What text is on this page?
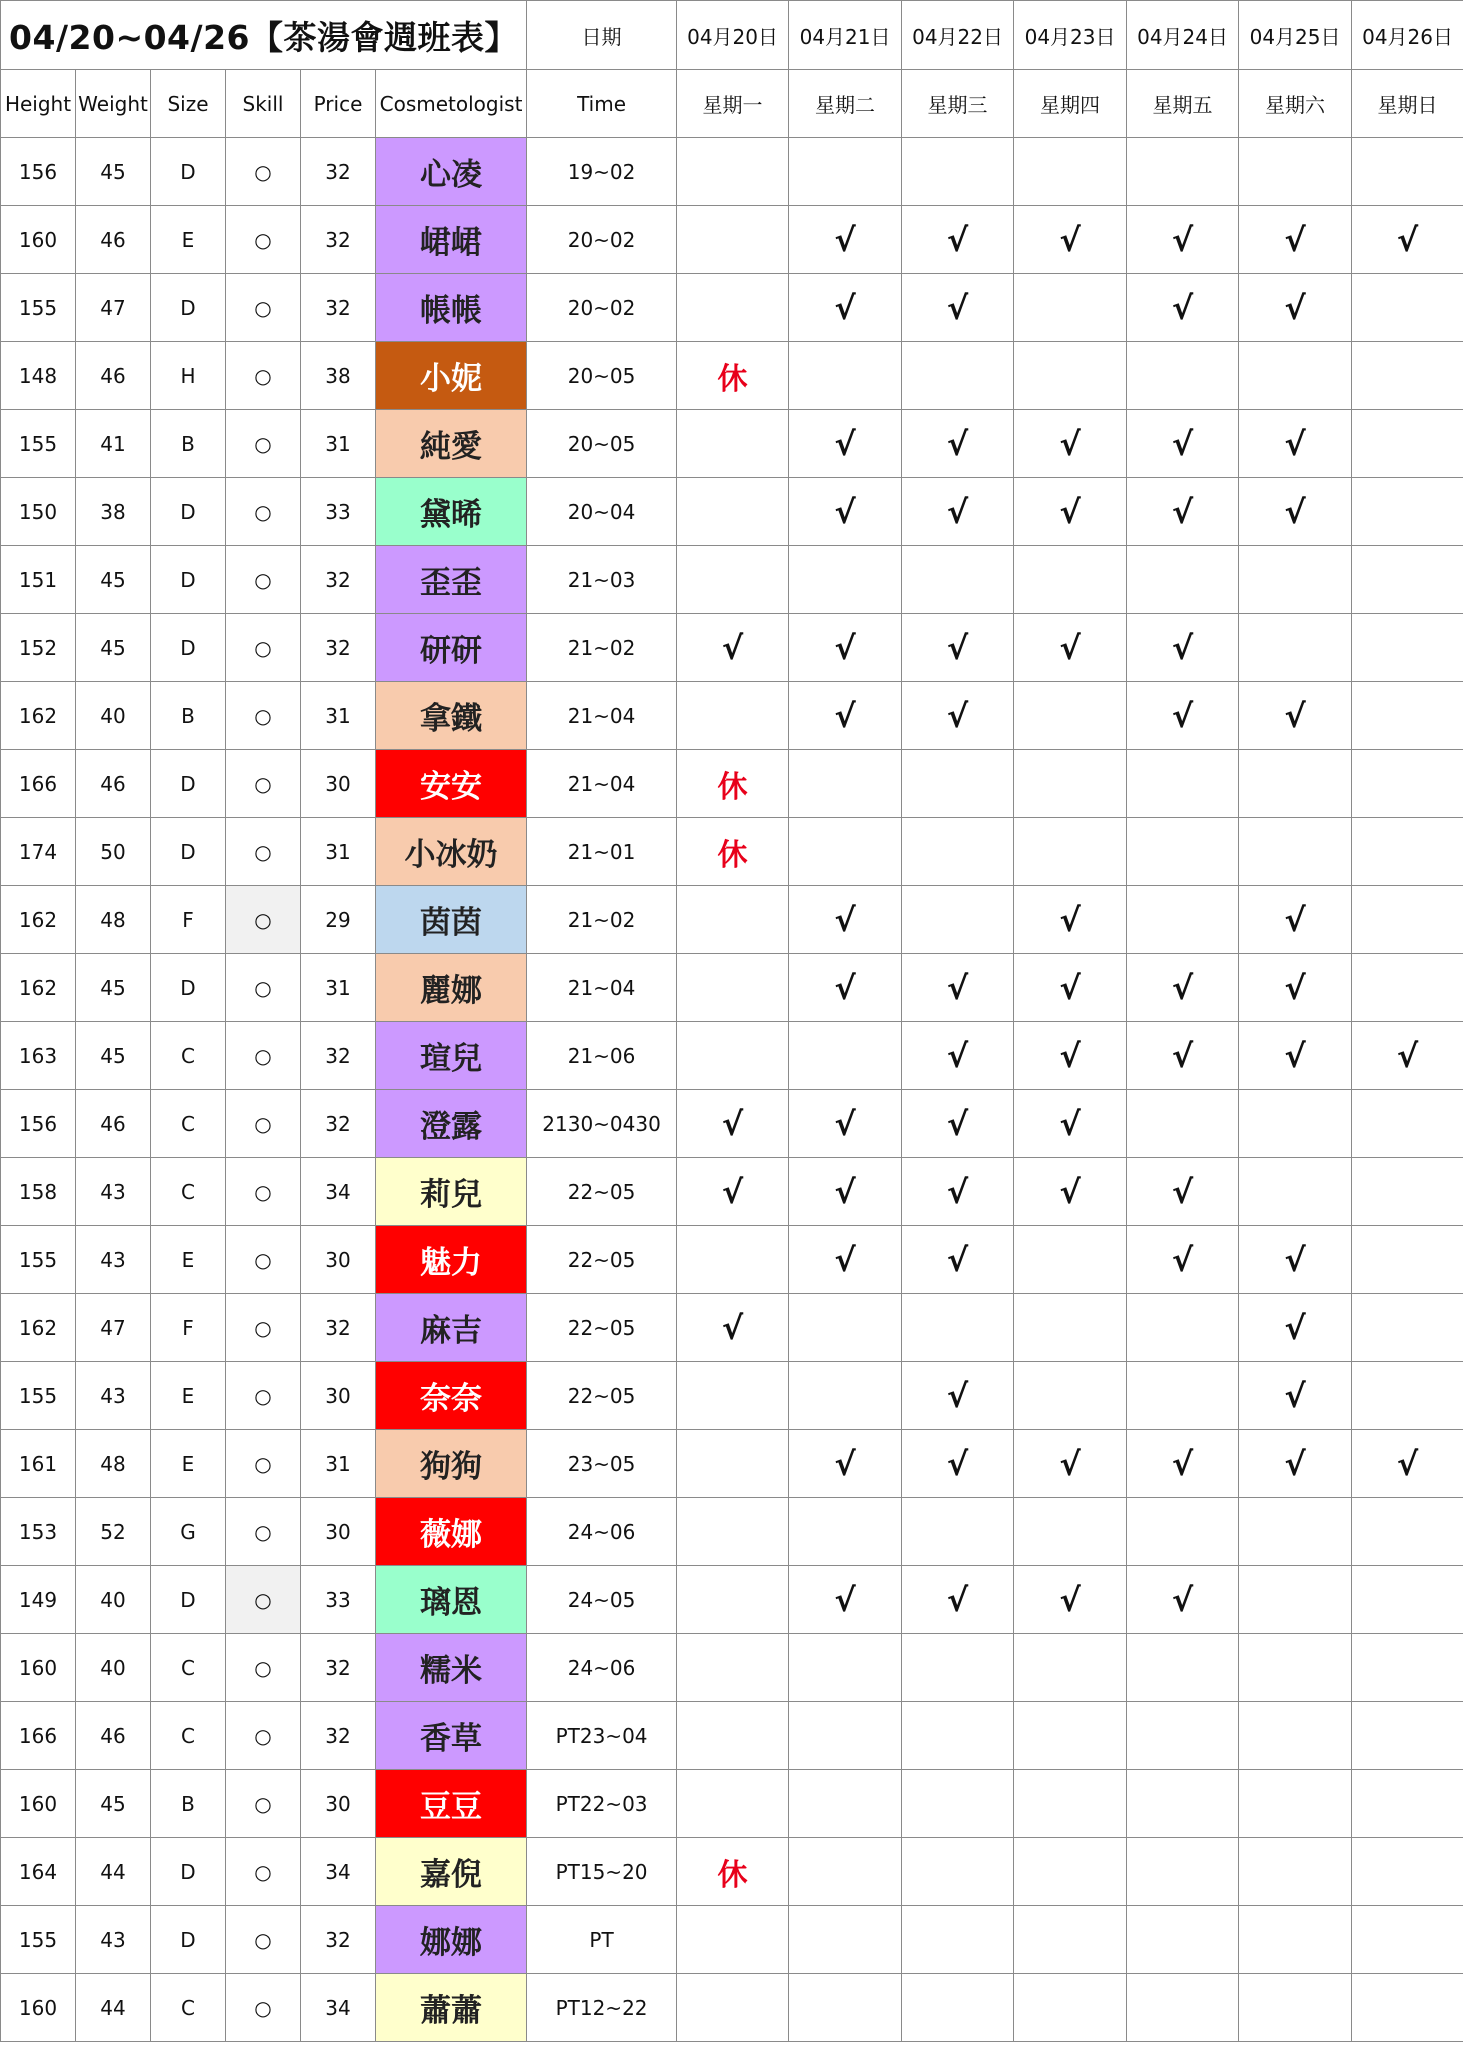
04/20~04/26【茶湯會週班表】						日期	04月20日	04月21日	04月22日	04月23日	04月24日	04月25日	04月26日
Height	Weight	Size	Skill	Price	Cosmetologist	Time	星期一	星期二	星期三	星期四	星期五	星期六	星期日
156	45	D	○	32	心凌	19~02							
160	46	E	○	32	峮峮	20~02		√	√	√	√	√	√
155	47	D	○	32	帳帳	20~02		√	√		√	√	
148	46	H	○	38	小妮	20~05	休						
155	41	B	○	31	純愛	20~05		√	√	√	√	√	
150	38	D	○	33	黛晞	20~04		√	√	√	√	√	
151	45	D	○	32	歪歪	21~03							
152	45	D	○	32	研研	21~02	√	√	√	√	√		
162	40	B	○	31	拿鐵	21~04		√	√		√	√	
166	46	D	○	30	安安	21~04	休						
174	50	D	○	31	小冰奶	21~01	休						
162	48	F	○	29	茵茵	21~02		√		√		√	
162	45	D	○	31	麗娜	21~04		√	√	√	√	√	
163	45	C	○	32	瑄兒	21~06			√	√	√	√	√
156	46	C	○	32	澄露	2130~0430	√	√	√	√			
158	43	C	○	34	莉兒	22~05	√	√	√	√	√		
155	43	E	○	30	魅力	22~05		√	√		√	√	
162	47	F	○	32	麻吉	22~05	√					√	
155	43	E	○	30	奈奈	22~05			√			√	
161	48	E	○	31	狗狗	23~05		√	√	√	√	√	√
153	52	G	○	30	薇娜	24~06							
149	40	D	○	33	璃恩	24~05		√	√	√	√		
160	40	C	○	32	糯米	24~06							
166	46	C	○	32	香草	PT23~04							
160	45	B	○	30	豆豆	PT22~03							
164	44	D	○	34	嘉倪	PT15~20	休						
155	43	D	○	32	娜娜	PT							
160	44	C	○	34	蕭蕭	PT12~22							
